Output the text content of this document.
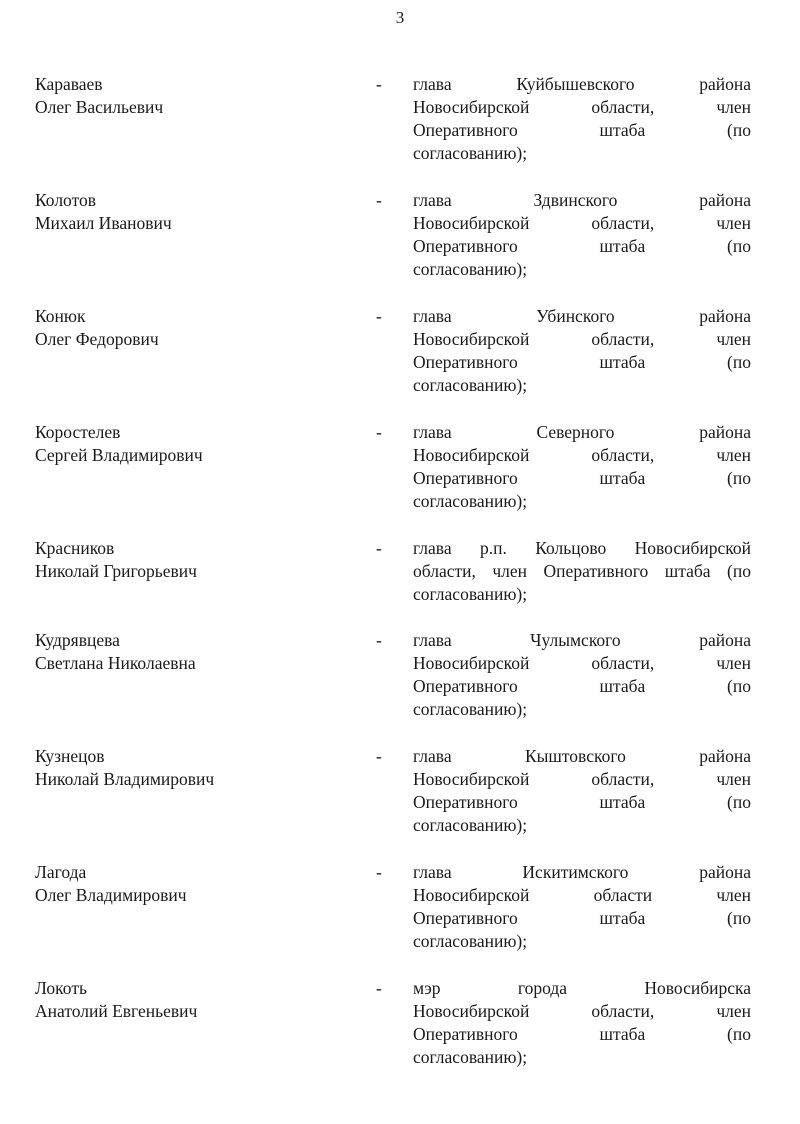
3
Караваев
Олег Васильевич
- глава Куйбышевского района
Новосибирской области, член
Оперативного штаба (по
согласованию);
Колотов
Михаил Иванович
- глава Здвинского района
Новосибирской области, член
Оперативного штаба (по
согласованию);
Конюк
Олег Федорович
- глава Убинского района
Новосибирской области, член
Оперативного штаба (по
согласованию);
Коростелев
Сергей Владимирович
- глава Северного района
Новосибирской области, член
Оперативного штаба (по
согласованию);
Красников
Николай Григорьевич
- глава р.п. Кольцово Новосибирской
области, член Оперативного штаба (по
согласованию);
Кудрявцева
Светлана Николаевна
- глава Чулымского района
Новосибирской области, член
Оперативного штаба (по
согласованию);
Кузнецов
Николай Владимирович
- глава Кыштовского района
Новосибирской области, член
Оперативного штаба (по
согласованию);
Лагода
Олег Владимирович
- глава Искитимского района
Новосибирской области член
Оперативного штаба (по
согласованию);
Локоть
Анатолий Евгеньевич
- мэр города Новосибирска
Новосибирской области, член
Оперативного штаба (по
согласованию);
